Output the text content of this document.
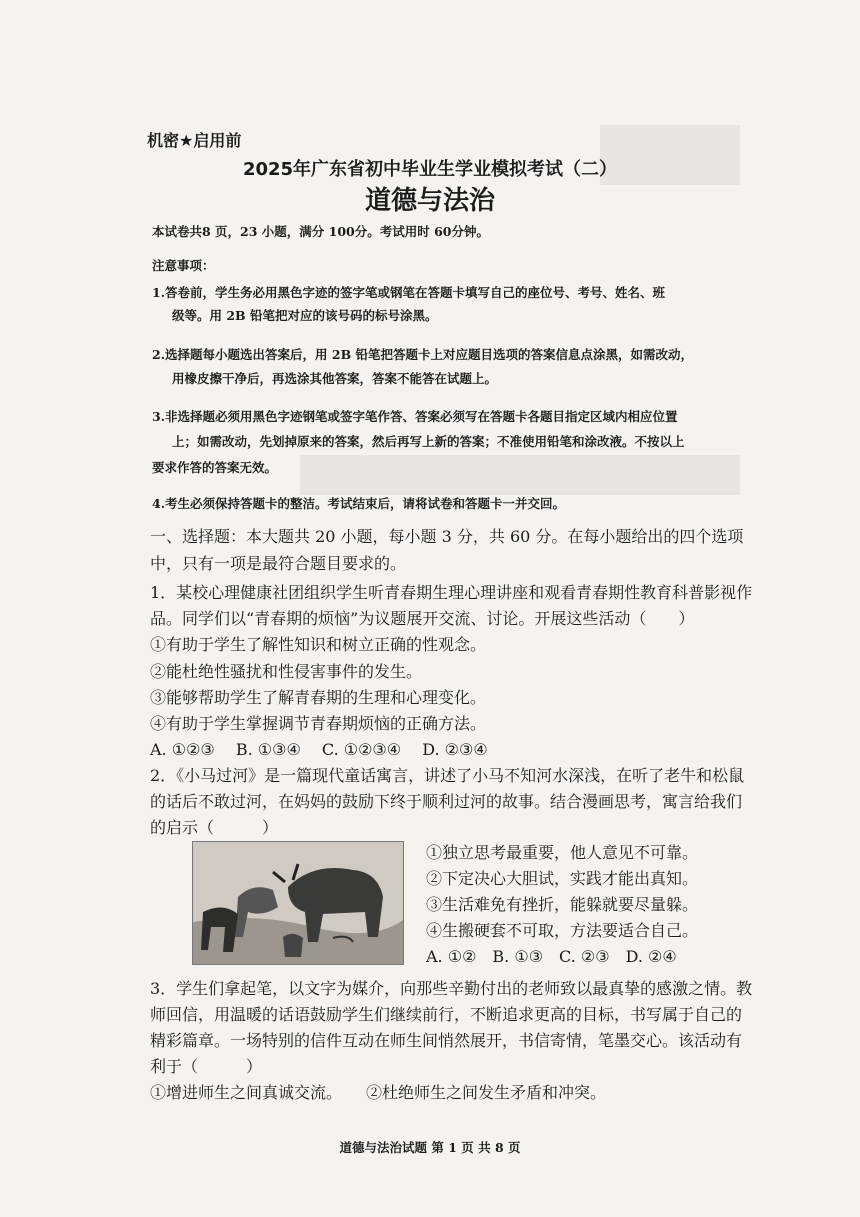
机密★启用前
2025年广东省初中毕业生学业模拟考试（二）
道德与法治
本试卷共8 页，23 小题，满分 100分。考试用时 60分钟。
注意事项：
1.答卷前，学生务必用黑色字迹的签字笔或钢笔在答题卡填写自己的座位号、考号、姓名、班
级等。用 2B 铅笔把对应的该号码的标号涂黑。
2.选择题每小题选出答案后，用 2B 铅笔把答题卡上对应题目选项的答案信息点涂黑，如需改动，
用橡皮擦干净后，再选涂其他答案，答案不能答在试题上。
3.非选择题必须用黑色字迹钢笔或签字笔作答、答案必须写在答题卡各题目指定区域内相应位置
上；如需改动，先划掉原来的答案，然后再写上新的答案；不准使用铅笔和涂改液。不按以上
要求作答的答案无效。
4.考生必须保持答题卡的整洁。考试结束后，请将试卷和答题卡一并交回。
一、选择题：本大题共 20 小题，每小题 3 分，共 60 分。在每小题给出的四个选项
中，只有一项是最符合题目要求的。
1．某校心理健康社团组织学生听青春期生理心理讲座和观看青春期性教育科普影视作
品。同学们以“青春期的烦恼”为议题展开交流、讨论。开展这些活动（　　）
①有助于学生了解性知识和树立正确的性观念。
②能杜绝性骚扰和性侵害事件的发生。
③能够帮助学生了解青春期的生理和心理变化。
④有助于学生掌握调节青春期烦恼的正确方法。
A. ①②③　 B. ①③④　 C. ①②③④　 D. ②③④
2．《小马过河》是一篇现代童话寓言，讲述了小马不知河水深浅，在听了老牛和松鼠
的话后不敢过河，在妈妈的鼓励下终于顺利过河的故事。结合漫画思考，寓言给我们
的启示（　　　）
①独立思考最重要，他人意见不可靠。
②下定决心大胆试，实践才能出真知。
③生活难免有挫折，能躲就要尽量躲。
④生搬硬套不可取，方法要适合自己。
A. ①②　B. ①③　C. ②③　D. ②④
3．学生们拿起笔，以文字为媒介，向那些辛勤付出的老师致以最真挚的感激之情。教
师回信，用温暖的话语鼓励学生们继续前行，不断追求更高的目标，书写属于自己的
精彩篇章。一场特别的信件互动在师生间悄然展开，书信寄情，笔墨交心。该活动有
利于（　　　）
①增进师生之间真诚交流。　　②杜绝师生之间发生矛盾和冲突。
道德与法治试题 第 1 页 共 8 页
